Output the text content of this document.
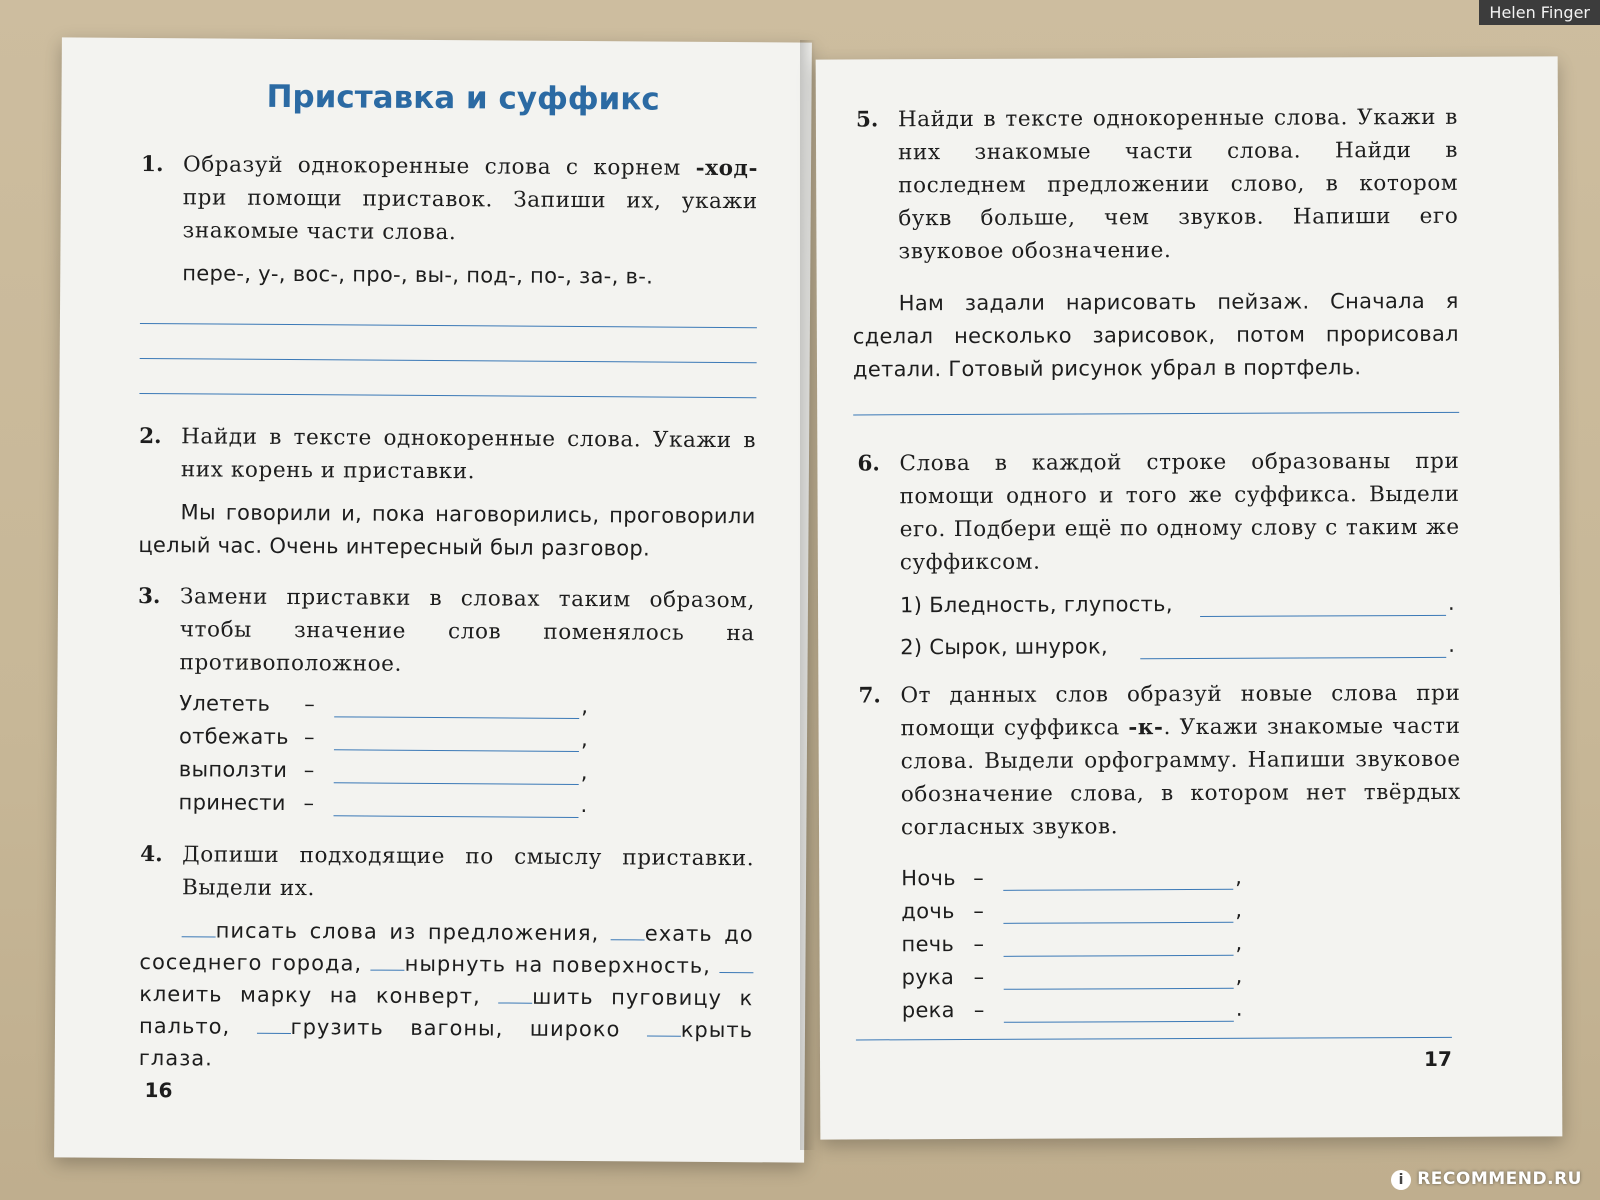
Приставка и суффикс
1. Образуй однокоренные слова с корнем -ход- при помощи приставок. Запиши их, укажи знакомые части слова.
пере-, у-, вос-, про-, вы-, под-, по-, за-, в-.
2. Найди в тексте однокоренные слова. Укажи в них корень и приставки.
Мы говорили и, пока наговорились, проговорили целый час. Очень интересный был разговор.
3. Замени приставки в словах таким образом, чтобы значение слов поменялось на противоположное.
Улететь –	,
отбежать –	,
выползти –	,
принести –	.
4. Допиши подходящие по смыслу приставки. Выдели их.
писать слова из предложения, ехать до соседнего города, нырнуть на поверхность, клеить марку на конверт, шить пуговицу к пальто, грузить вагоны, широко крыть глаза.
16
5. Найди в тексте однокоренные слова. Укажи в них знакомые части слова. Найди в последнем предложении слово, в котором букв больше, чем звуков. Напиши его звуковое обозначение.
Нам задали нарисовать пейзаж. Сначала я сделал несколько зарисовок, потом прорисовал детали. Готовый рисунок убрал в портфель.
6. Слова в каждой строке образованы при помощи одного и того же суффикса. Выдели его. Подбери ещё по одному слову с таким же суффиксом.
1) Бледность, глупость,	.
2) Сырок, шнурок,	.
7. От данных слов образуй новые слова при помощи суффикса -к-. Укажи знакомые части слова. Выдели орфограмму. Напиши звуковое обозначение слова, в котором нет твёрдых согласных звуков.
Ночь –	,
дочь –	,
печь –	,
рука –	,
река –	.
17
Helen Finger
i RECOMMEND.RU
